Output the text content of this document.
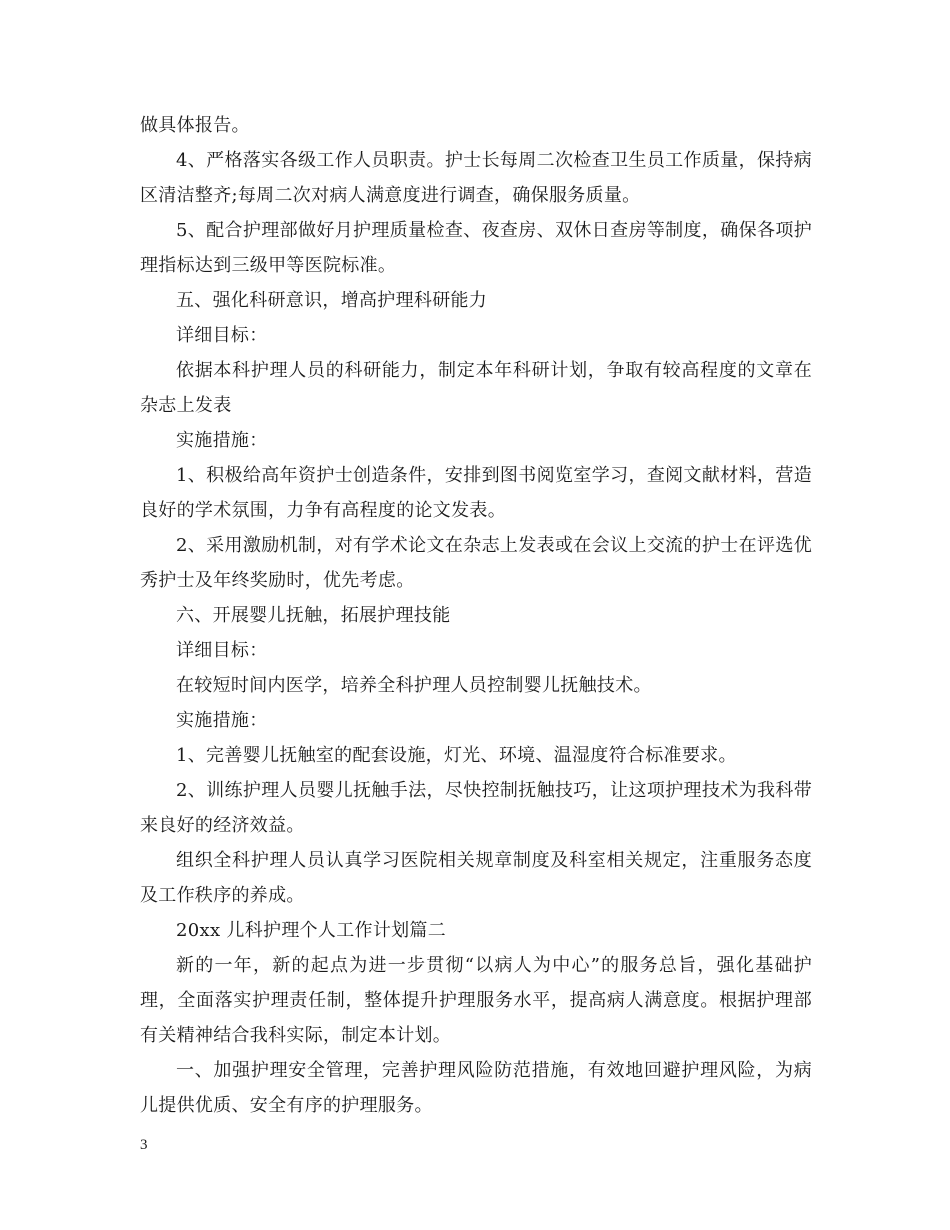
做具体报告。

4、严格落实各级工作人员职责。护士长每周二次检查卫生员工作质量，保持病区清洁整齐;每周二次对病人满意度进行调查，确保服务质量。

5、配合护理部做好月护理质量检查、夜查房、双休日查房等制度，确保各项护理指标达到三级甲等医院标准。

五、强化科研意识，增高护理科研能力

详细目标：

依据本科护理人员的科研能力，制定本年科研计划，争取有较高程度的文章在杂志上发表

实施措施：

1、积极给高年资护士创造条件，安排到图书阅览室学习，查阅文献材料，营造良好的学术氛围，力争有高程度的论文发表。

2、采用激励机制，对有学术论文在杂志上发表或在会议上交流的护士在评选优秀护士及年终奖励时，优先考虑。

六、开展婴儿抚触，拓展护理技能

详细目标：

在较短时间内医学，培养全科护理人员控制婴儿抚触技术。

实施措施：

1、完善婴儿抚触室的配套设施，灯光、环境、温湿度符合标准要求。

2、训练护理人员婴儿抚触手法，尽快控制抚触技巧，让这项护理技术为我科带来良好的经济效益。

组织全科护理人员认真学习医院相关规章制度及科室相关规定，注重服务态度及工作秩序的养成。

20xx 儿科护理个人工作计划篇二

新的一年，新的起点为进一步贯彻“以病人为中心”的服务总旨，强化基础护理，全面落实护理责任制，整体提升护理服务水平，提高病人满意度。根据护理部有关精神结合我科实际，制定本计划。

一、加强护理安全管理，完善护理风险防范措施，有效地回避护理风险，为病儿提供优质、安全有序的护理服务。

3
